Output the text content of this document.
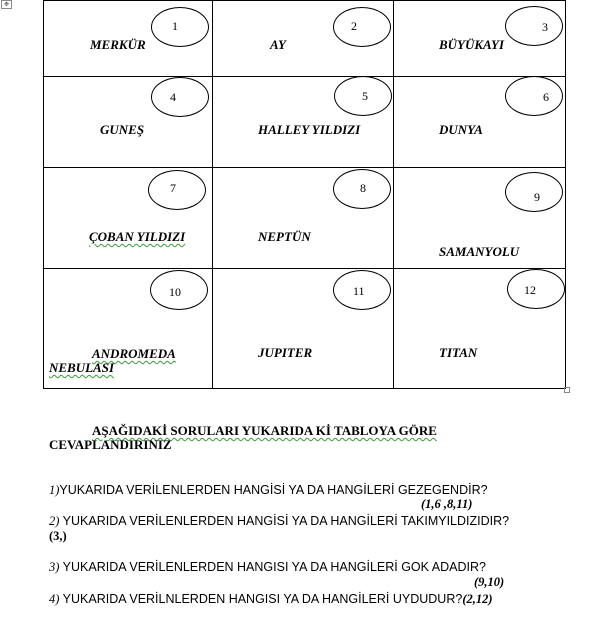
✥
1
MERKÜR
2
AY
3
BÜYÜKAYI
4
GUNEŞ
5
HALLEY YILDIZI
6
DUNYA
7
ÇOBAN YILDIZI
8
NEPTÜN
9
SAMANYOLU
10
ANDROMEDA
NEBULASI
11
JUPITER
12
TITAN
AŞAĞIDAKİ SORULARI YUKARIDA Kİ TABLOYA GÖRE
CEVAPLANDIRINIZ
1)YUKARIDA VERİLENLERDEN HANGİSİ YA DA HANGİLERİ GEZEGENDİR?
(1,6 ,8,11)
2) YUKARIDA VERİLENLERDEN HANGİSİ YA DA HANGİLERİ TAKIMYILDIZIDIR?
(3,)
3) YUKARIDA VERİLENLERDEN HANGISI YA DA HANGİLERİ GOK ADADIR?
(9,10)
4) YUKARIDA VERİLNLERDEN HANGISI YA DA HANGİLERİ UYDUDUR?(2,12)
